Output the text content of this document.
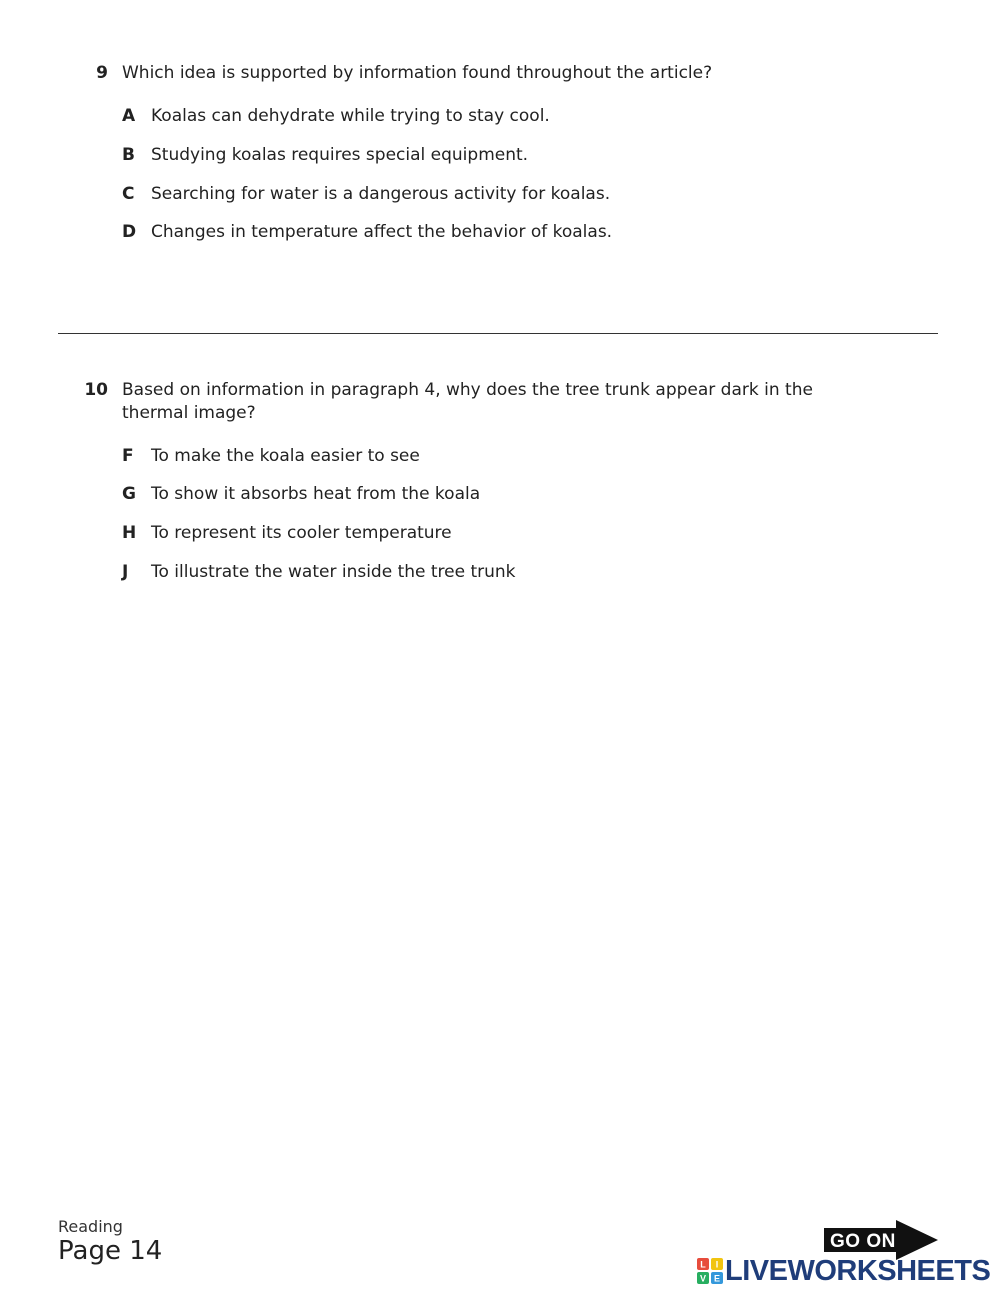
9 Which idea is supported by information found throughout the article?
A Koalas can dehydrate while trying to stay cool.
B Studying koalas requires special equipment.
C Searching for water is a dangerous activity for koalas.
D Changes in temperature affect the behavior of koalas.
10 Based on information in paragraph 4, why does the tree trunk appear dark in the thermal image?
F To make the koala easier to see
G To show it absorbs heat from the koala
H To represent its cooler temperature
J To illustrate the water inside the tree trunk
Reading
Page 14	GO ON
L I
V E LIVEWORKSHEETS
